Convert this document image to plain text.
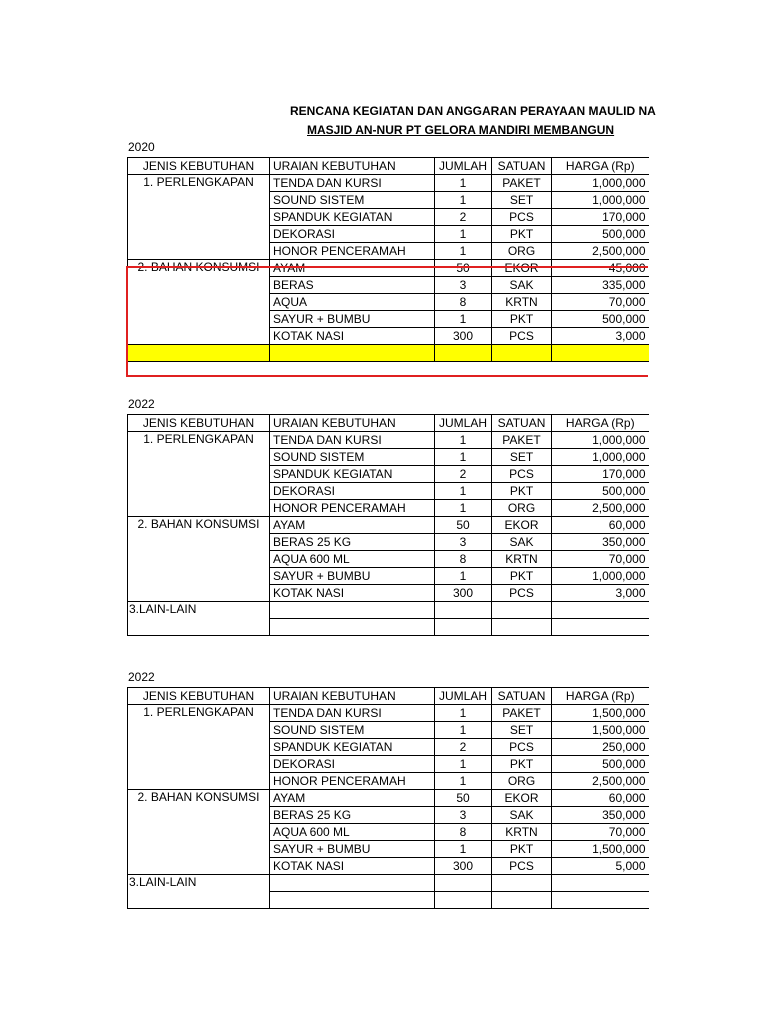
RENCANA KEGIATAN DAN ANGGARAN PERAYAAN MAULID NA
MASJID AN-NUR PT GELORA MANDIRI MEMBANGUN
2020
JENIS KEBUTUHAN	URAIAN KEBUTUHAN	JUMLAH	SATUAN	HARGA (Rp)
1. PERLENGKAPAN	TENDA DAN KURSI	1	PAKET	1,000,000
	SOUND SISTEM	1	SET	1,000,000
	SPANDUK KEGIATAN	2	PCS	170,000
	DEKORASI	1	PKT	500,000
	HONOR PENCERAMAH	1	ORG	2,500,000
2. BAHAN KONSUMSI	AYAM	50	EKOR	45,000
	BERAS	3	SAK	335,000
	AQUA	8	KRTN	70,000
	SAYUR + BUMBU	1	PKT	500,000
	KOTAK NASI	300	PCS	3,000

2022
JENIS KEBUTUHAN	URAIAN KEBUTUHAN	JUMLAH	SATUAN	HARGA (Rp)
1. PERLENGKAPAN	TENDA DAN KURSI	1	PAKET	1,000,000
	SOUND SISTEM	1	SET	1,000,000
	SPANDUK KEGIATAN	2	PCS	170,000
	DEKORASI	1	PKT	500,000
	HONOR PENCERAMAH	1	ORG	2,500,000
2. BAHAN KONSUMSI	AYAM	50	EKOR	60,000
	BERAS 25 KG	3	SAK	350,000
	AQUA 600 ML	8	KRTN	70,000
	SAYUR + BUMBU	1	PKT	1,000,000
	KOTAK NASI	300	PCS	3,000
3.LAIN-LAIN				

2022
JENIS KEBUTUHAN	URAIAN KEBUTUHAN	JUMLAH	SATUAN	HARGA (Rp)
1. PERLENGKAPAN	TENDA DAN KURSI	1	PAKET	1,500,000
	SOUND SISTEM	1	SET	1,500,000
	SPANDUK KEGIATAN	2	PCS	250,000
	DEKORASI	1	PKT	500,000
	HONOR PENCERAMAH	1	ORG	2,500,000
2. BAHAN KONSUMSI	AYAM	50	EKOR	60,000
	BERAS 25 KG	3	SAK	350,000
	AQUA 600 ML	8	KRTN	70,000
	SAYUR + BUMBU	1	PKT	1,500,000
	KOTAK NASI	300	PCS	5,000
3.LAIN-LAIN				
